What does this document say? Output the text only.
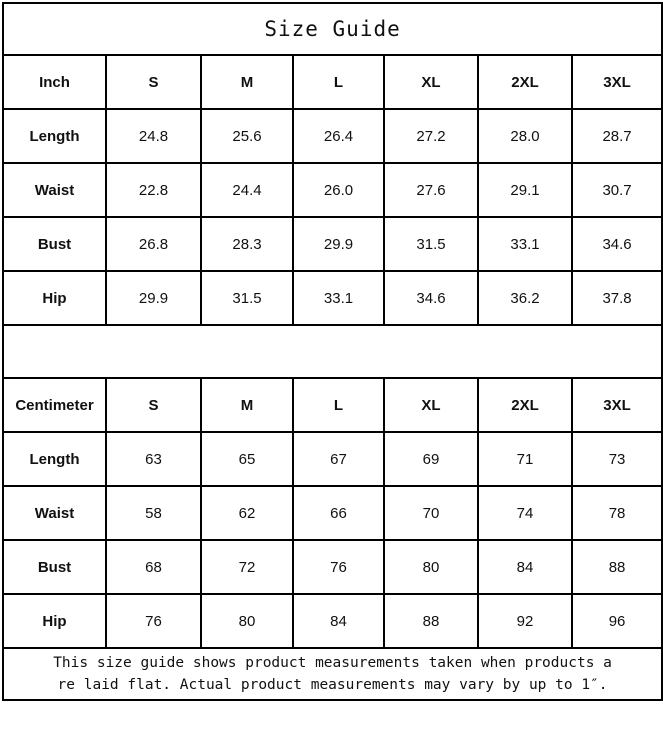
Size Guide						
Inch	S	M	L	XL	2XL	3XL
Length	24.8	25.6	26.4	27.2	28.0	28.7
Waist	22.8	24.4	26.0	27.6	29.1	30.7
Bust	26.8	28.3	29.9	31.5	33.1	34.6
Hip	29.9	31.5	33.1	34.6	36.2	37.8

Centimeter	S	M	L	XL	2XL	3XL
Length	63	65	67	69	71	73
Waist	58	62	66	70	74	78
Bust	68	72	76	80	84	88
Hip	76	80	84	88	92	96

This size guide shows product measurements taken when products a
re laid flat. Actual product measurements may vary by up to 1″.						
